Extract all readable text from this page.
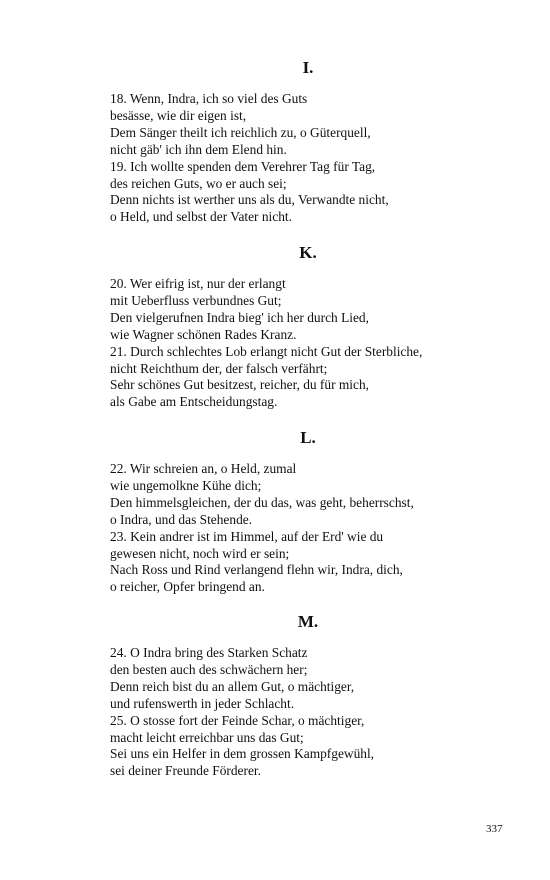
I.
18. Wenn, Indra, ich so viel des Guts
besässe, wie dir eigen ist,
Dem Sänger theilt ich reichlich zu, o Güterquell,
nicht gäb' ich ihn dem Elend hin.
19. Ich wollte spenden dem Verehrer Tag für Tag,
des reichen Guts, wo er auch sei;
Denn nichts ist werther uns als du, Verwandte nicht,
o Held, und selbst der Vater nicht.
K.
20. Wer eifrig ist, nur der erlangt
mit Ueberfluss verbundnes Gut;
Den vielgerufnen Indra bieg' ich her durch Lied,
wie Wagner schönen Rades Kranz.
21. Durch schlechtes Lob erlangt nicht Gut der Sterbliche,
nicht Reichthum der, der falsch verfährt;
Sehr schönes Gut besitzest, reicher, du für mich,
als Gabe am Entscheidungstag.
L.
22. Wir schreien an, o Held, zumal
wie ungemolkne Kühe dich;
Den himmelsgleichen, der du das, was geht, beherrschst,
o Indra, und das Stehende.
23. Kein andrer ist im Himmel, auf der Erd' wie du
gewesen nicht, noch wird er sein;
Nach Ross und Rind verlangend flehn wir, Indra, dich,
o reicher, Opfer bringend an.
M.
24. O Indra bring des Starken Schatz
den besten auch des schwächern her;
Denn reich bist du an allem Gut, o mächtiger,
und rufenswerth in jeder Schlacht.
25. O stosse fort der Feinde Schar, o mächtiger,
macht leicht erreichbar uns das Gut;
Sei uns ein Helfer in dem grossen Kampfgewühl,
sei deiner Freunde Förderer.
337
